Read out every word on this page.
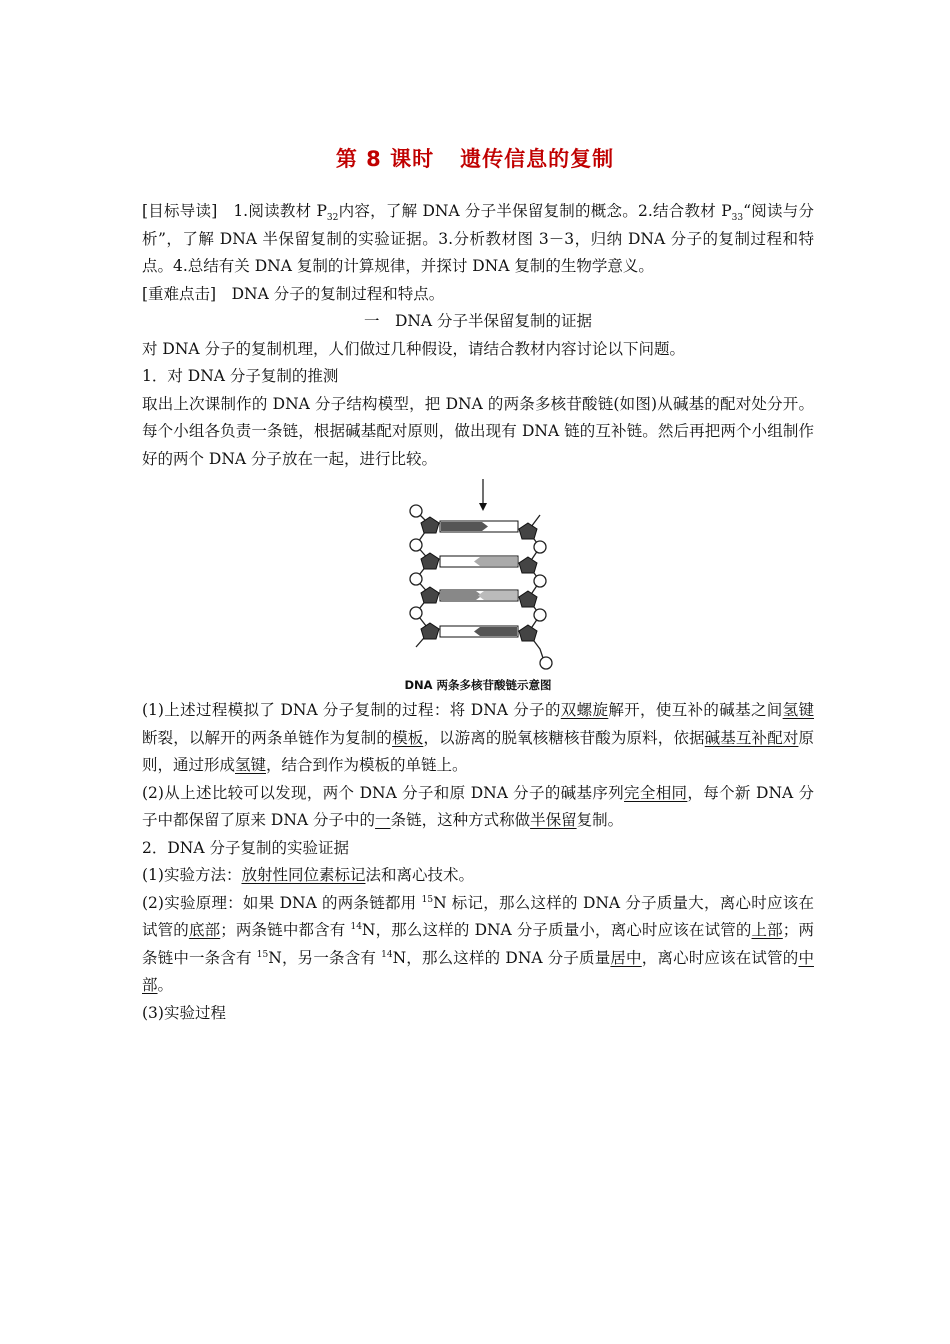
第 8 课时 遗传信息的复制

[目标导读]　 1.阅读教材 $P_{32}$内容，了解 DNA 分子半保留复制的概念。2.结合教材 $P_{33}“$阅读与分析”，了解 DNA 半保留复制的实验证据。3.分析教材图 3－3，归纳 DNA 分子的复制过程和特点。4.总结有关 DNA 复制的计算规律，并探讨 DNA 复制的生物学意义。

[重难点击]　 DNA 分子的复制过程和特点。

一　DNA 分子半保留复制的证据

对 DNA 分子的复制机理，人们做过几种假设，请结合教材内容讨论以下问题。

1．对 DNA 分子复制的推测

取出上次课制作的 DNA 分子结构模型，把 DNA 的两条多核苷酸链(如图)从碱基的配对处分开。每个小组各负责一条链，根据碱基配对原则，做出现有 DNA 链的互补链。然后再把两个小组制作好的两个 DNA 分子放在一起，进行比较。

DNA 两条多核苷酸链示意图

(1)上述过程模拟了 DNA 分子复制的过程：将 DNA 分子的双螺旋解开，使互补的碱基之间氢键断裂，以解开的两条单链作为复制的模板，以游离的脱氧核糖核苷酸为原料，依据碱基互补配对原则，通过形成氢键，结合到作为模板的单链上。

(2)从上述比较可以发现，两个 DNA 分子和原 DNA 分子的碱基序列完全相同，每个新 DNA 分子中都保留了原来 DNA 分子中的一条链，这种方式称做半保留复制。

2．DNA 分子复制的实验证据

(1)实验方法：放射性同位素标记法和离心技术。

(2)实验原理：如果 DNA 的两条链都用 $^{15}$N 标记，那么这样的 DNA 分子质量大，离心时应该在试管的底部；两条链中都含有 $^{14}$N，那么这样的 DNA 分子质量小，离心时应该在试管的上部；两条链中一条含有 $^{15}$N，另一条含有 $^{14}$N，那么这样的 DNA 分子质量居中，离心时应该在试管的中部。

(3)实验过程
